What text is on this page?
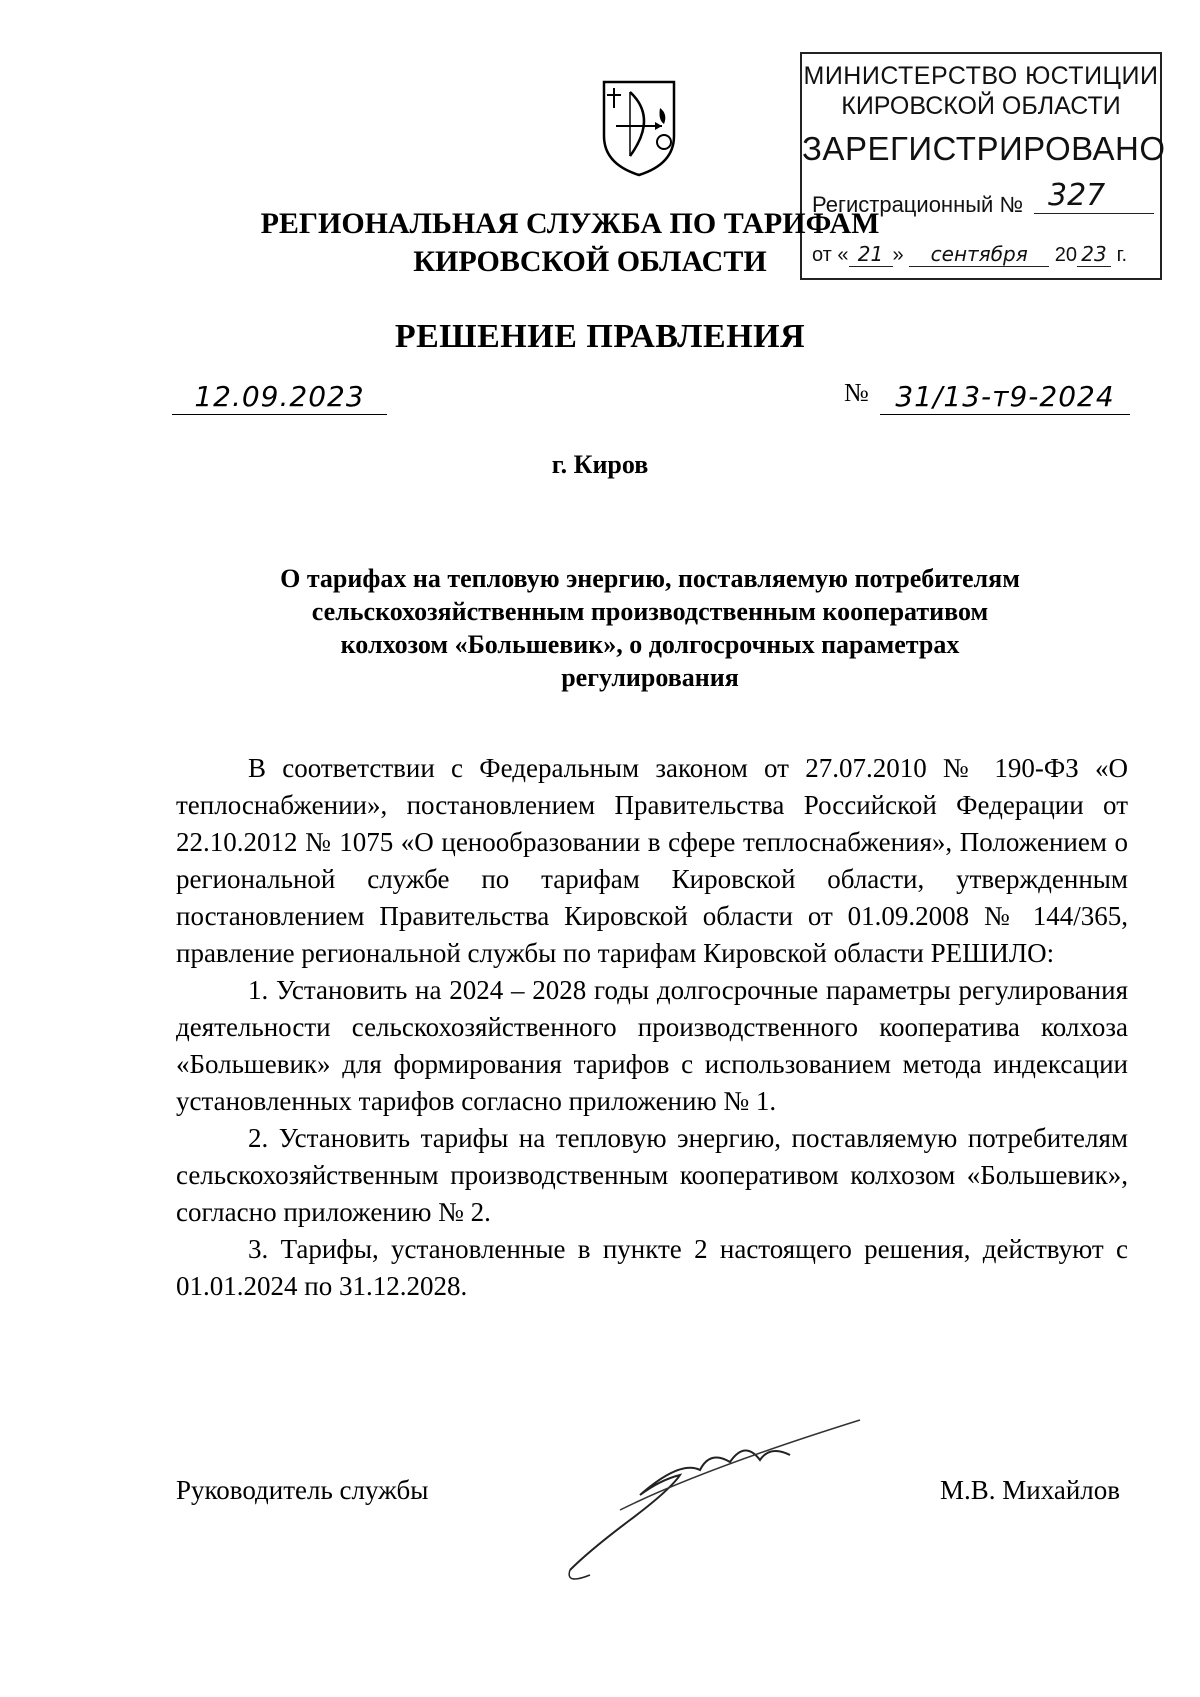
МИНИСТЕРСТВО ЮСТИЦИИ
КИРОВСКОЙ ОБЛАСТИ
ЗАРЕГИСТРИРОВАНО
Регистрационный № 327
от « 21 » сентября 20 23 г.
РЕГИОНАЛЬНАЯ СЛУЖБА ПО ТАРИФАМ
КИРОВСКОЙ ОБЛАСТИ
РЕШЕНИЕ ПРАВЛЕНИЯ
12.09.2023	№ 31/13-т9-2024
г. Киров
О тарифах на тепловую энергию, поставляемую потребителям
сельскохозяйственным производственным кооперативом
колхозом «Большевик», о долгосрочных параметрах
регулирования

В соответствии с Федеральным законом от 27.07.2010 № 190-ФЗ «О теплоснабжении», постановлением Правительства Российской Федерации от 22.10.2012 № 1075 «О ценообразовании в сфере теплоснабжения», Положением о региональной службе по тарифам Кировской области, утвержденным постановлением Правительства Кировской области от 01.09.2008 № 144/365, правление региональной службы по тарифам Кировской области РЕШИЛО:

1. Установить на 2024 – 2028 годы долгосрочные параметры регулирования деятельности сельскохозяйственного производственного кооператива колхоза «Большевик» для формирования тарифов с использованием метода индексации установленных тарифов согласно приложению № 1.

2. Установить тарифы на тепловую энергию, поставляемую потребителям сельскохозяйственным производственным кооперативом колхозом «Большевик», согласно приложению № 2.

3. Тарифы, установленные в пункте 2 настоящего решения, действуют с 01.01.2024 по 31.12.2028.

Руководитель службы	М.В. Михайлов
